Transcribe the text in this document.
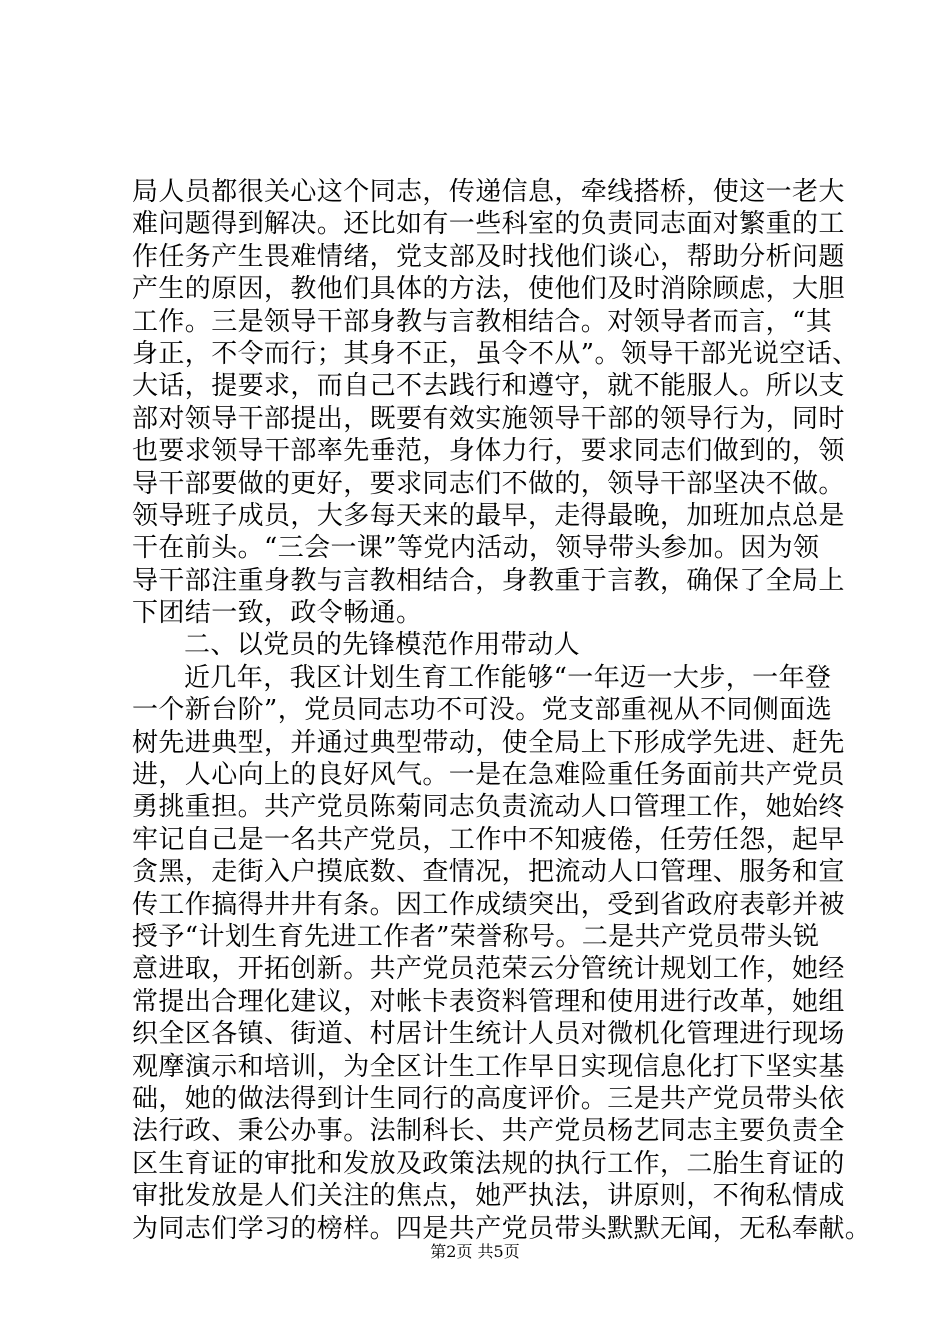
局人员都很关心这个同志，传递信息，牵线搭桥，使这一老大
难问题得到解决。还比如有一些科室的负责同志面对繁重的工
作任务产生畏难情绪，党支部及时找他们谈心，帮助分析问题
产生的原因，教他们具体的方法，使他们及时消除顾虑，大胆
工作。三是领导干部身教与言教相结合。对领导者而言，“其
身正，不令而行；其身不正，虽令不从”。领导干部光说空话、
大话，提要求，而自己不去践行和遵守，就不能服人。所以支
部对领导干部提出，既要有效实施领导干部的领导行为，同时
也要求领导干部率先垂范，身体力行，要求同志们做到的，领
导干部要做的更好，要求同志们不做的，领导干部坚决不做。
领导班子成员，大多每天来的最早，走得最晚，加班加点总是
干在前头。“三会一课”等党内活动，领导带头参加。因为领
导干部注重身教与言教相结合，身教重于言教，确保了全局上
下团结一致，政令畅通。
二、以党员的先锋模范作用带动人
近几年，我区计划生育工作能够“一年迈一大步，一年登
一个新台阶”，党员同志功不可没。党支部重视从不同侧面选
树先进典型，并通过典型带动，使全局上下形成学先进、赶先
进，人心向上的良好风气。一是在急难险重任务面前共产党员
勇挑重担。共产党员陈菊同志负责流动人口管理工作，她始终
牢记自己是一名共产党员，工作中不知疲倦，任劳任怨，起早
贪黑，走街入户摸底数、查情况，把流动人口管理、服务和宣
传工作搞得井井有条。因工作成绩突出，受到省政府表彰并被
授予“计划生育先进工作者”荣誉称号。二是共产党员带头锐
意进取，开拓创新。共产党员范荣云分管统计规划工作，她经
常提出合理化建议，对帐卡表资料管理和使用进行改革，她组
织全区各镇、街道、村居计生统计人员对微机化管理进行现场
观摩演示和培训，为全区计生工作早日实现信息化打下坚实基
础，她的做法得到计生同行的高度评价。三是共产党员带头依
法行政、秉公办事。法制科长、共产党员杨艺同志主要负责全
区生育证的审批和发放及政策法规的执行工作，二胎生育证的
审批发放是人们关注的焦点，她严执法，讲原则，不徇私情成
为同志们学习的榜样。四是共产党员带头默默无闻，无私奉献。
第2页 共5页
